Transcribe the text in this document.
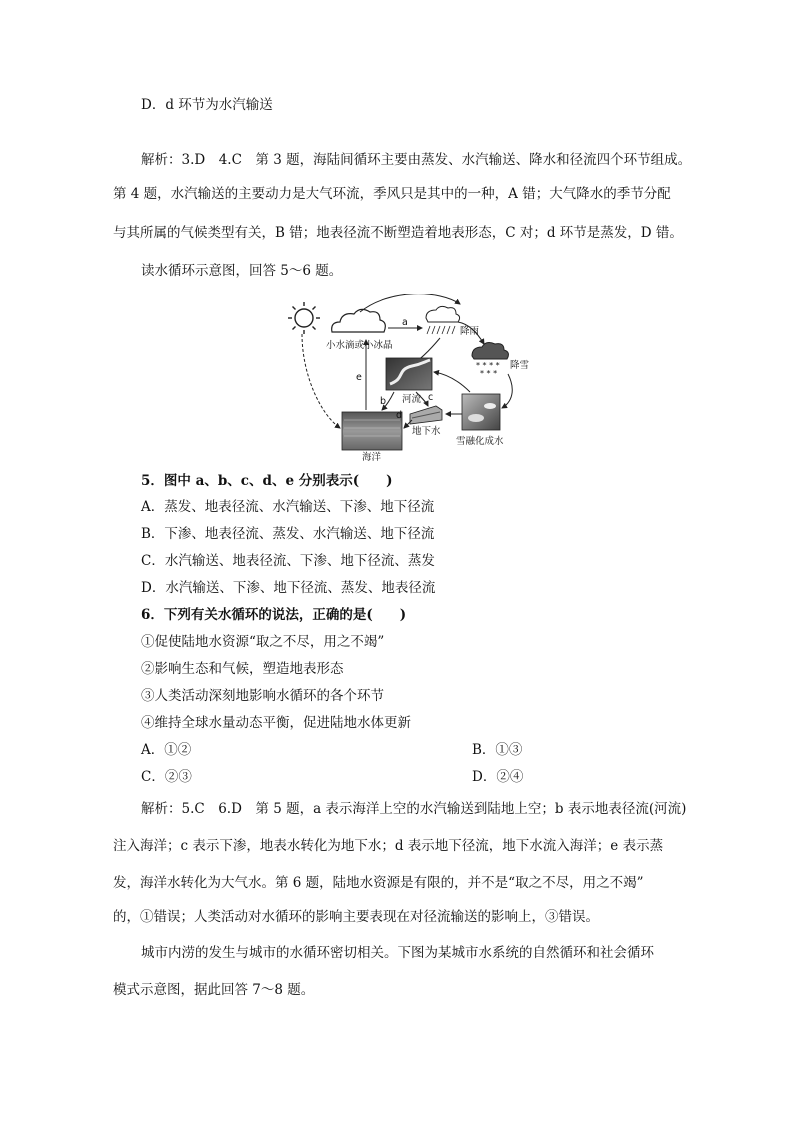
D．d 环节为水汽输送
解析：3.D　4.C　第 3 题，海陆间循环主要由蒸发、水汽输送、降水和径流四个环节组成。
第 4 题，水汽输送的主要动力是大气环流，季风只是其中的一种，A 错；大气降水的季节分配
与其所属的气候类型有关，B 错；地表径流不断塑造着地表形态，C 对；d 环节是蒸发，D 错。
读水循环示意图，回答 5～6 题。
* * * *
* * *
小水滴或小冰晶
降雨
降雪
河流
海洋
地下水
雪融化成水
a
b	c
d
e
5．图中 a、b、c、d、e 分别表示(　　)
A．蒸发、地表径流、水汽输送、下渗、地下径流
B．下渗、地表径流、蒸发、水汽输送、地下径流
C．水汽输送、地表径流、下渗、地下径流、蒸发
D．水汽输送、下渗、地下径流、蒸发、地表径流
6．下列有关水循环的说法，正确的是(　　)
①促使陆地水资源“取之不尽，用之不竭”
②影响生态和气候，塑造地表形态
③人类活动深刻地影响水循环的各个环节
④维持全球水量动态平衡，促进陆地水体更新
A．①②	B．①③
C．②③	D．②④
解析：5.C　6.D　第 5 题，a 表示海洋上空的水汽输送到陆地上空；b 表示地表径流(河流)
注入海洋；c 表示下渗，地表水转化为地下水；d 表示地下径流，地下水流入海洋；e 表示蒸
发，海洋水转化为大气水。第 6 题，陆地水资源是有限的，并不是“取之不尽，用之不竭”
的，①错误；人类活动对水循环的影响主要表现在对径流输送的影响上，③错误。
城市内涝的发生与城市的水循环密切相关。下图为某城市水系统的自然循环和社会循环
模式示意图，据此回答 7～8 题。
